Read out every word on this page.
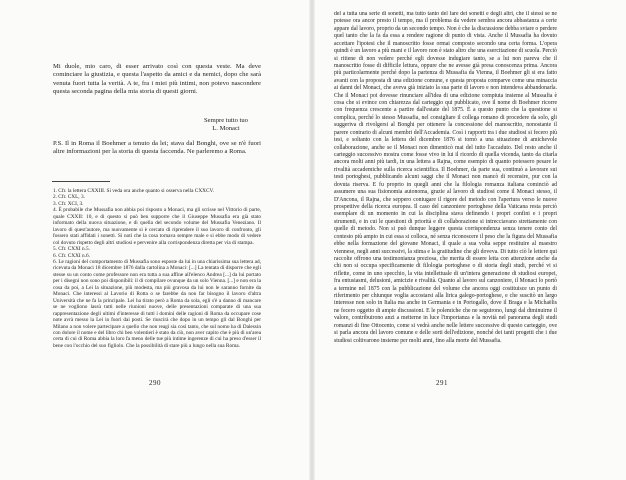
Mi duole, mio caro, di esser arrivato così con questa veste. Ma deve cominciare la giustizia, e questa l'aspetto da amici e da nemici, dopo che sarà venuta fuori tutta la verità. A te, fra i miei più intimi, non potevo nascondere questa seconda pagina della mia storia di questi giorni.

Sempre tutto tuo
L. Monaci

P.S. Il in Roma il Boehmer a tenuto da lei; stava dal Bonghi, ove se n'è fuori altre informazioni per la storia di questa faccenda. Ne parleremo a Roma.

1. Cfr. la lettera CXXIII. Si veda ora anche quanto si osserva nella CXXCV.

2. Cfr. CXL, 3.

3. Cfr. XCI, 3.

4. È probabile che Mussafia non abbia poi risposto a Monaci, ma gli scrisse nel Vittorio di parte, quale CXXII: 10, e di questo si può ben supporre che il Giuseppe Mussafia era già stato informato della nuova situazione, e di quella del secondo volume del Mussafia Veneziano. Il lavoro di quest'autore, ma nuovamente si è cercato di riprendere il suo lavoro di confronto, gli fossero stati affidati i sonetti. Si noti che la cosa tornava sempre male e si ebbe modo di vedere col dovuto rispetto degli altri studiosi e pervenire alla corrispondenza diretta per via di stampa.

5. Cfr. CXXI n.5.

6. Cfr. CXXI n.6.

6. Le ragioni del comportamento di Mussafia sono esposte da lui in una chiarissima sua lettera ad, ricevuta da Monaci 18 dicembre 1876 dalla cartolina a Monaci: [...] La tentata di disporre che egli stesse su un conto come professore non era tutta a sua affine all'elenco Andrea [...] da lui portato per i disegni non sono poi disponibili: il di compilare ovunque da un solo Vienna. [...] e non era la cosa da poi, a Lei la situazione, più modesta, ma più gravosa da lui non le saranno fornite da Monaci. Che interessi al Lavorio di Rotta o se farebbe da non far bisogno il lavoro d'altra Università che ne fa la principale. Lei ha tirato però a Roma da sola, egli s'è a danno di mancare se ne vogliono lassù tutti nelle riunioni nuove, delle presentazioni comparate di una sua rappresentazione degli ultimi d'interesse di tutti i domini delle ragioni di Roma da occupare cose note avrà messo la Lei in fuori dai posti. Se riuscirà che dopo in un tempo gli dal Bonghi per Milano a non volere partecipare a quello che non reagì sia così tanto, che sul nomo ha di Dalessin con dolore il nome e del libro chi ben volentieri è stato da ciò, non aver capito che è più di un'area certa di cui di Roma abbia la loro fa meno delle tue più intime ingerenze di cui ha preso d'esser il bene con l'occhio del suo figliolo. Che la possibilità di stare più a lungo nella sua Roma.

290

del a tutta una serie di sonetti, ma tutto tanto del fare dei sonetti e degli altri, che il stessi se ne potesse ora ancor presto il tempo, ma il problema da vedere sembra ancora abbastanza a certe appare dal lavoro, proprio da un secondo tempo. Non è che la discussione debba sviare o perdere quel tanto che la fa da essa a rendere ragione di punto di vista. Anche il Mussafia ha dovuto accettare l'ipotesi che il manoscritto fosse ormai composto secondo una certa forma. L'opera quindi è un lavoro a più mani e il lavoro non è stato altro che una esercitazione di scuola. Perciò si ritiene di non vedere perché egli dovesse indugiare tanto, se a lui non pareva che il manoscritto fosse di difficile lettura, oppure che ne avesse già presa conoscenza prima. Ancora più particolarmente perché dopo la partenza di Mussafia da Vienna, il Boehmer gli si era fatto avanti con la proposta di una edizione comune, e questa proposta comparve come una minaccia ai danni del Monaci, che aveva già iniziato la sua parte di lavoro e non intendeva abbandonarla. Che il Monaci poi dovesse rinunciare all'idea di una edizione compiuta insieme al Mussafia è cosa che si evince con chiarezza dal carteggio qui pubblicato, ove il nome di Boehmer ricorre con frequenza crescente a partire dall'estate del 1875. È a questo punto che la questione si complica, perché lo stesso Mussafia, nel consigliare il collega romano di procedere da solo, gli suggeriva di rivolgersi al Bonghi per ottenere la concessione del manoscritto, nonostante il parere contrario di alcuni membri dell'Accademia. Così i rapporti tra i due studiosi si fecero più tesi, e soltanto con la lettera del dicembre 1876 si tornò a una situazione di amichevole collaborazione, anche se il Monaci non dimenticò mai del tutto l'accaduto. Del resto anche il carteggio successivo mostra come fosse vivo in lui il ricordo di quella vicenda, tanto da citarla ancora molti anni più tardi, in una lettera a Rajna, come esempio di quanto potessero pesare le rivalità accademiche sulla ricerca scientifica. Il Boehmer, da parte sua, continuò a lavorare sui testi portoghesi, pubblicando alcuni saggi che il Monaci non mancò di recensire, pur con la dovuta riserva. E fu proprio in quegli anni che la filologia romanza italiana cominciò ad assumere una sua fisionomia autonoma, grazie al lavoro di studiosi come il Monaci stesso, il D'Ancona, il Rajna, che seppero coniugare il rigore del metodo con l'apertura verso le nuove prospettive della ricerca europea. Il caso del canzoniere portoghese della Vaticana resta perciò esemplare di un momento in cui la disciplina stava definendo i propri confini e i propri strumenti, e in cui le questioni di priorità e di collaborazione si intrecciavano strettamente con quelle di metodo. Non si può dunque leggere questa corrispondenza senza tenere conto del contesto più ampio in cui essa si colloca, né senza riconoscere il peso che la figura del Mussafia ebbe nella formazione del giovane Monaci, il quale a sua volta seppe restituire al maestro viennese, negli anni successivi, la stima e la gratitudine che gli doveva. Di tutto ciò le lettere qui raccolte offrono una testimonianza preziosa, che merita di essere letta con attenzione anche da chi non si occupa specificamente di filologia portoghese o di storia degli studi, perché vi si riflette, come in uno specchio, la vita intellettuale di un'intera generazione di studiosi europei, fra entusiasmi, delusioni, amicizie e rivalità. Quanto al lavoro sul canzoniere, il Monaci lo portò a termine nel 1875 con la pubblicazione del volume che ancora oggi costituisce un punto di riferimento per chiunque voglia accostarsi alla lirica galego-portoghese, e che suscitò un largo interesse non solo in Italia ma anche in Germania e in Portogallo, dove il Braga e la Michaëlis ne fecero oggetto di ampie discussioni. E le polemiche che ne seguirono, lungi dal diminuirne il valore, contribuirono anzi a metterne in luce l'importanza e la novità nel panorama degli studi romanzi di fine Ottocento, come si vedrà anche nelle lettere successive di questo carteggio, ove si parla ancora del lavoro comune e delle sorti dell'edizione, nonché dei tanti progetti che i due studiosi coltivarono insieme per molti anni, fino alla morte del Mussafia.

291
